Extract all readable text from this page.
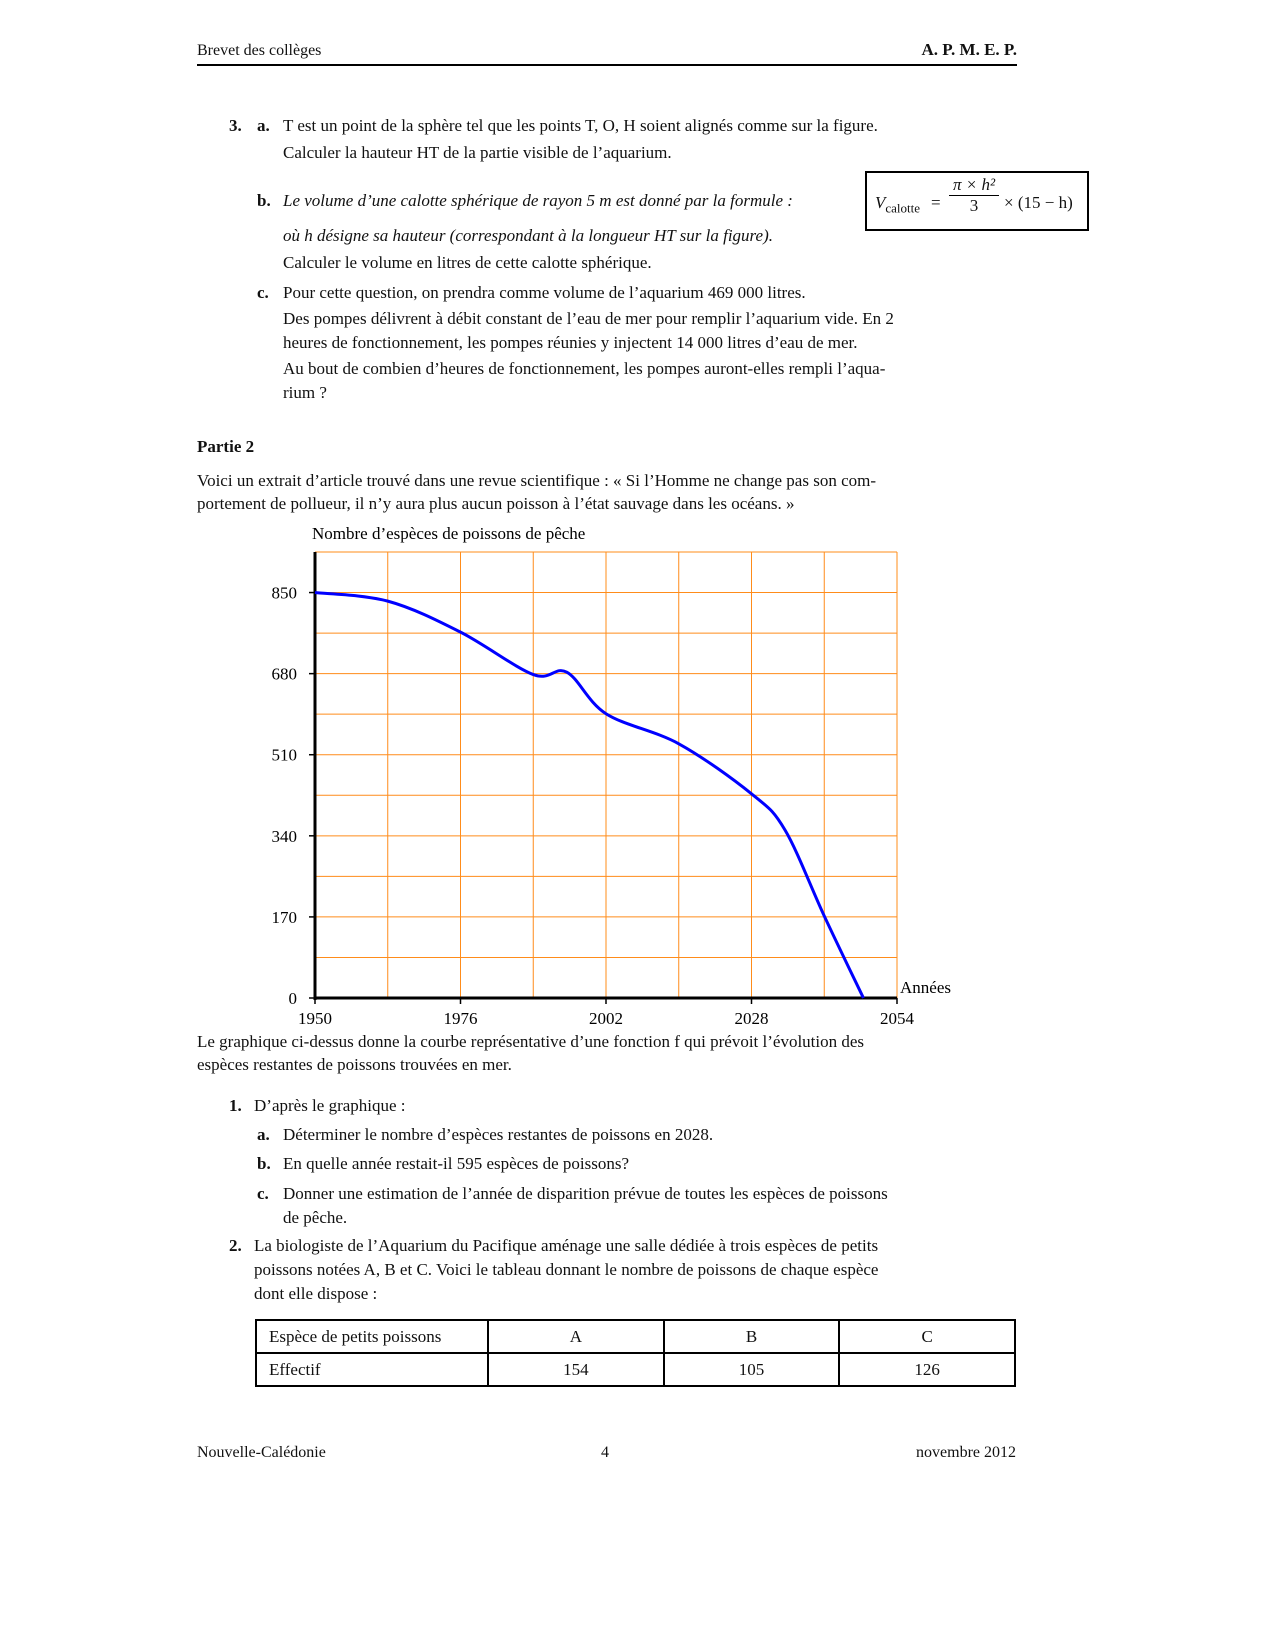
Brevet des collèges	A. P. M. E. P.
3. a. T est un point de la sphère tel que les points T, O, H soient alignés comme sur la figure.
Calculer la hauteur HT de la partie visible de l’aquarium.
b. Le volume d’une calotte sphérique de rayon 5 m est donné par la formule :	$V_{calotte} = \frac{\text{π × h²}}{3} \times (15 - h)$
où h désigne sa hauteur (correspondant à la longueur HT sur la figure).
Calculer le volume en litres de cette calotte sphérique.
c. Pour cette question, on prendra comme volume de l’aquarium 469 000 litres.
Des pompes délivrent à débit constant de l’eau de mer pour remplir l’aquarium vide. En 2
heures de fonctionnement, les pompes réunies y injectent 14 000 litres d’eau de mer.
Au bout de combien d’heures de fonctionnement, les pompes auront-elles rempli l’aqua-
rium ?
Partie 2
Voici un extrait d’article trouvé dans une revue scientifique : « Si l’Homme ne change pas son com-
portement de pollueur, il n’y aura plus aucun poisson à l’état sauvage dans les océans. »
Nombre d’espèces de poissons de pêche
0
170
340
510
680
850
1950	1976	2002	2028	2054
Années
Le graphique ci-dessus donne la courbe représentative d’une fonction f qui prévoit l’évolution des
espèces restantes de poissons trouvées en mer.
1. D’après le graphique :
a. Déterminer le nombre d’espèces restantes de poissons en 2028.
b. En quelle année restait-il 595 espèces de poissons?
c. Donner une estimation de l’année de disparition prévue de toutes les espèces de poissons
de pêche.
2. La biologiste de l’Aquarium du Pacifique aménage une salle dédiée à trois espèces de petits
poissons notées A, B et C. Voici le tableau donnant le nombre de poissons de chaque espèce
dont elle dispose :
Espèce de petits poissons	A	B	C
Effectif	154	105	126
Nouvelle-Calédonie	4	novembre 2012
